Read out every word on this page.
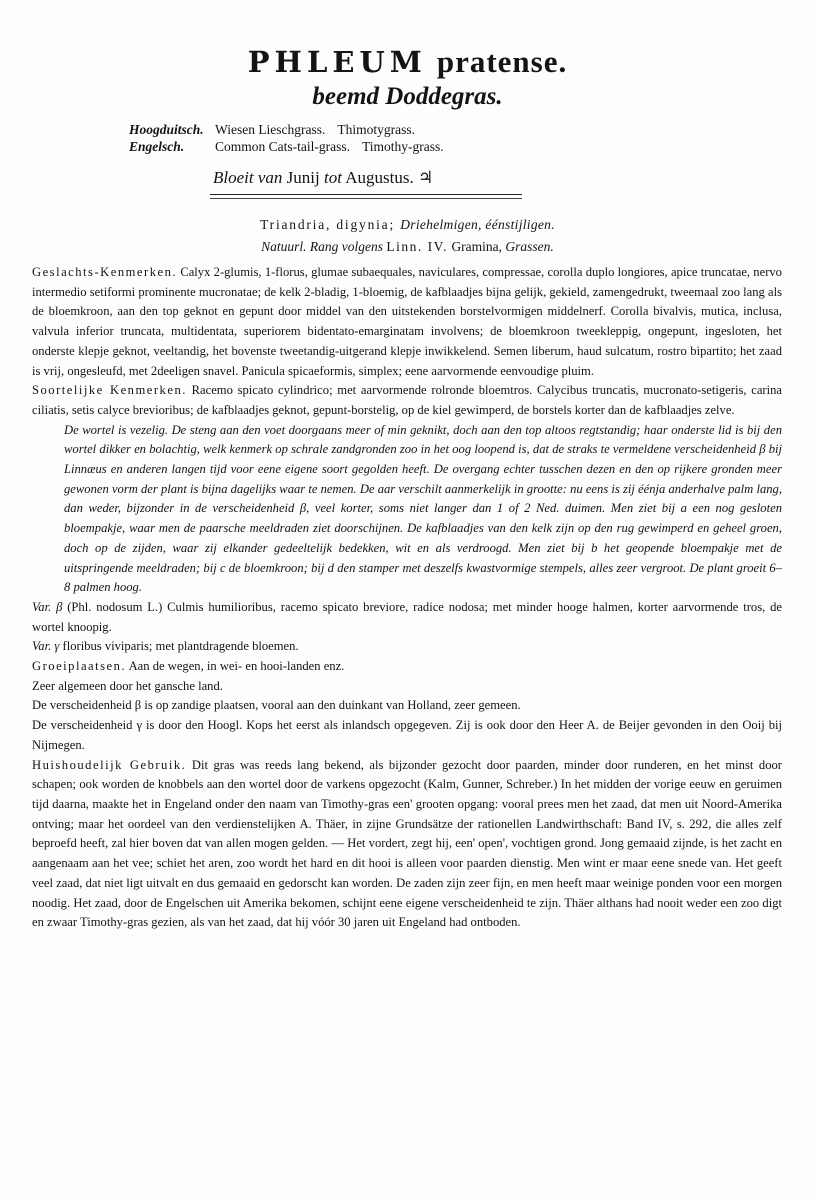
PHLEUM pratense.

beemd Doddegras.

Hoogduitsch. Wiesen Lieschgrass. Thimotygrass.
Engelsch. Common Cats-tail-grass. Timothy-grass.
Bloeit van Junij tot Augustus. ♃
Triandria, digynia; Driehelmigen, éénstijligen.
Natuurl. Rang volgens Linn. IV. Gramina, Grassen.

Geslachts-Kenmerken. Calyx 2-glumis, 1-florus, glumae subaequales, naviculares, compressae, corolla duplo longiores, apice truncatae, nervo intermedio setiformi prominente mucronatae; de kelk 2-bladig, 1-bloemig, de kafblaadjes bijna gelijk, gekield, zamengedrukt, tweemaal zoo lang als de bloemkroon, aan den top geknot en gepunt door middel van den uitstekenden borstelvormigen middelnerf. Corolla bivalvis, mutica, inclusa, valvula inferior truncata, multidentata, superiorem bidentato-emarginatam involvens; de bloemkroon tweekleppig, ongepunt, ingesloten, het onderste klepje geknot, veeltandig, het bovenste tweetandig-uitgerand klepje inwikkelend. Semen liberum, haud sulcatum, rostro bipartito; het zaad is vrij, ongesleufd, met 2deeligen snavel. Panicula spicaeformis, simplex; eene aarvormende eenvoudige pluim.

Soortelijke Kenmerken. Racemo spicato cylindrico; met aarvormende rolronde bloemtros. Calycibus truncatis, mucronato-setigeris, carina ciliatis, setis calyce brevioribus; de kafblaadjes geknot, gepunt-borstelig, op de kiel gewimperd, de borstels korter dan de kafblaadjes zelve.

De wortel is vezelig. De steng aan den voet doorgaans meer of min geknikt, doch aan den top altoos regtstandig; haar onderste lid is bij den wortel dikker en bolachtig, welk kenmerk op schrale zandgronden zoo in het oog loopend is, dat de straks te vermeldene verscheidenheid β bij Linnæus en anderen langen tijd voor eene eigene soort gegolden heeft. De overgang echter tusschen dezen en den op rijkere gronden meer gewonen vorm der plant is bijna dagelijks waar te nemen. De aar verschilt aanmerkelijk in grootte: nu eens is zij éénja anderhalve palm lang, dan weder, bijzonder in de verscheidenheid β, veel korter, soms niet langer dan 1 of 2 Ned. duimen. Men ziet bij a een nog gesloten bloempakje, waar men de paarsche meeldraden ziet doorschijnen. De kafblaadjes van den kelk zijn op den rug gewimperd en geheel groen, doch op de zijden, waar zij elkander gedeeltelijk bedekken, wit en als verdroogd. Men ziet bij b het geopende bloempakje met de uitspringende meeldraden; bij c de bloemkroon; bij d den stamper met deszelfs kwastvormige stempels, alles zeer vergroot. De plant groeit 6–8 palmen hoog.

Var. β (Phl. nodosum L.) Culmis humilioribus, racemo spicato breviore, radice nodosa; met minder hooge halmen, korter aarvormende tros, de wortel knoopig.

Var. γ floribus viviparis; met plantdragende bloemen.

Groeiplaatsen. Aan de wegen, in wei- en hooi-landen enz.

Zeer algemeen door het gansche land.

De verscheidenheid β is op zandige plaatsen, vooral aan den duinkant van Holland, zeer gemeen.

De verscheidenheid γ is door den Hoogl. Kops het eerst als inlandsch opgegeven. Zij is ook door den Heer A. de Beijer gevonden in den Ooij bij Nijmegen.

Huishoudelijk Gebruik. Dit gras was reeds lang bekend, als bijzonder gezocht door paarden, minder door runderen, en het minst door schapen; ook worden de knobbels aan den wortel door de varkens opgezocht (Kalm, Gunner, Schreber.) In het midden der vorige eeuw en geruimen tijd daarna, maakte het in Engeland onder den naam van Timothy-gras een' grooten opgang: vooral prees men het zaad, dat men uit Noord-Amerika ontving; maar het oordeel van den verdienstelijken A. Thäer, in zijne Grundsätze der rationellen Landwirthschaft: Band IV, s. 292, die alles zelf beproefd heeft, zal hier boven dat van allen mogen gelden. — Het vordert, zegt hij, een' open', vochtigen grond. Jong gemaaid zijnde, is het zacht en aangenaam aan het vee; schiet het aren, zoo wordt het hard en dit hooi is alleen voor paarden dienstig. Men wint er maar eene snede van. Het geeft veel zaad, dat niet ligt uitvalt en dus gemaaid en gedorscht kan worden. De zaden zijn zeer fijn, en men heeft maar weinige ponden voor een morgen noodig. Het zaad, door de Engelschen uit Amerika bekomen, schijnt eene eigene verscheidenheid te zijn. Thäer althans had nooit weder een zoo digt en zwaar Timothy-gras gezien, als van het zaad, dat hij vóór 30 jaren uit Engeland had ontboden.
